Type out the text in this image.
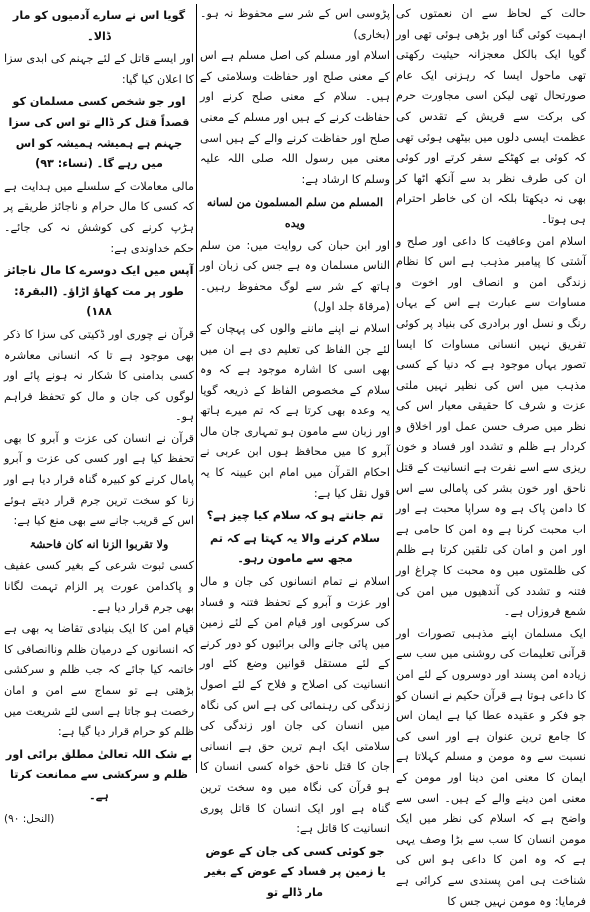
حالت کے لحاظ سے ان نعمتوں کی اہمیت کوئی گنا اور بڑھی ہوئی تھی اور گویا ایک بالکل معجزانہ حیثیت رکھتی تھی ماحول ایسا کہ رہزنی ایک عام صورتحال تھی لیکن اسی مجاورت حرم کی برکت سے قریش کے تقدس کی عظمت ایسی دلوں میں بیٹھی ہوئی تھی کہ کوئی بے کھٹکے سفر کرتے اور کوئی ان کی طرف نظر بد سے آنکھ اٹھا کر بھی نہ دیکھتا بلکہ ان کی خاطر احترام ہی ہوتا۔

اسلام امن وعافیت کا داعی اور صلح و آشتی کا پیامبر مذہب ہے اس کا نظام زندگی امن و انصاف اور اخوت و مساوات سے عبارت ہے اس کے یہاں رنگ و نسل اور برادری کی بنیاد پر کوئی تفریق نہیں انسانی مساوات کا ایسا تصور یہاں موجود ہے کہ دنیا کے کسی مذہب میں اس کی نظیر نہیں ملتی عزت و شرف کا حقیقی معیار اس کی نظر میں صرف حسن عمل اور اخلاق و کردار ہے ظلم و تشدد اور فساد و خون ریزی سے اسے نفرت ہے انسانیت کے قتل ناحق اور خون بشر کی پامالی سے اس کا دامن پاک ہے وہ سراپا محبت ہے اور اب محبت کرنا ہے وہ امن کا حامی ہے اور امن و امان کی تلقین کرتا ہے ظلم کی ظلمتوں میں وہ محبت کا چراغ اور فتنہ و تشدد کی آندھیوں میں امن کی شمع فروزاں ہے۔

ایک مسلمان اپنے مذہبی تصورات اور قرآنی تعلیمات کی روشنی میں سب سے زیادہ امن پسند اور دوسروں کے لئے امن کا داعی ہوتا ہے قرآن حکیم نے انسان کو جو فکر و عقیدہ عطا کیا ہے ایمان اس کا جامع ترین عنوان ہے اور اسی کی نسبت سے وہ مومن و مسلم کہلاتا ہے ایمان کا معنی امن دینا اور مومن کے معنی امن دینے والے کے ہیں۔ اسی سے واضح ہے کہ اسلام کی نظر میں ایک مومن انسان کا سب سے بڑا وصف یہی ہے کہ وہ امن کا داعی ہو اس کی شناخت ہی امن پسندی سے کرائی ہے فرمایا: وہ مومن نہیں جس کا

پڑوسی اس کے شر سے محفوظ نہ ہو۔ (بخاری)

اسلام اور مسلم کی اصل مسلم ہے اس کے معنی صلح اور حفاظت وسلامتی کے ہیں۔ سلام کے معنی صلح کرنے اور حفاظت کرنے کے ہیں اور مسلم کے معنی صلح اور حفاظت کرنے والے کے ہیں اسی معنی میں رسول اللہ صلی اللہ علیہ وسلم کا ارشاد ہے:

المسلم من سلم المسلمون من لسانه ویده

اور ابن حبان کی روایت میں: من سلم الناس مسلمان وہ ہے جس کی زبان اور ہاتھ کے شر سے لوگ محفوظ رہیں۔ (مرقاۃ جلد اول)

اسلام نے اپنے ماننے والوں کی پہچان کے لئے جن الفاظ کی تعلیم دی ہے ان میں بھی اسی کا اشارہ موجود ہے کہ وہ سلام کے مخصوص الفاظ کے ذریعہ گویا یہ وعدہ بھی کرتا ہے کہ تم میرے ہاتھ اور زبان سے مامون ہو تمہاری جان مال آبرو کا میں محافظ ہوں ابن عربی نے احکام القرآن میں امام ابن عیینہ کا یہ قول نقل کیا ہے:

تم جانتے ہو کہ سلام کیا چیز ہے؟

سلام کرنے والا یہ کہتا ہے کہ تم مجھ سے مامون رہو۔

اسلام نے تمام انسانوں کی جان و مال اور عزت و آبرو کے تحفظ فتنہ و فساد کی سرکوبی اور قیام امن کے لئے زمین میں پائی جانے والی برائیوں کو دور کرنے کے لئے مستقل قوانین وضع کئے اور انسانیت کی اصلاح و فلاح کے لئے اصول زندگی کی رہنمائی کی ہے اس کی نگاہ میں انسان کی جان اور زندگی کی سلامتی ایک اہم ترین حق ہے انسانی جان کا قتل ناحق خواہ کسی انسان کا ہو قرآن کی نگاہ میں وہ سخت ترین گناہ ہے اور ایک انسان کا قاتل پوری انسانیت کا قاتل ہے:

جو کوئی کسی کی جان کے عوض یا زمین پر فساد کے عوض کے بغیر مار ڈالے تو

گویا اس نے سارے آدمیوں کو مار ڈالا۔

اور ایسے قاتل کے لئے جہنم کی ابدی سزا کا اعلان کیا گیا:

اور جو شخص کسی مسلمان کو قصداً قتل کر ڈالے تو اس کی سزا جہنم ہے ہمیشہ ہمیشہ کو اس میں رہے گا۔ (نساء: ۹۳)

مالی معاملات کے سلسلے میں ہدایت ہے کہ کسی کا مال حرام و ناجائز طریقے پر ہڑپ کرنے کی کوشش نہ کی جائے۔ حکم خداوندی ہے:

آپس میں ایک دوسرے کا مال ناجائز طور پر مت کھاؤ اڑاؤ۔ (البقرۃ: ۱۸۸)

قرآن نے چوری اور ڈکیتی کی سزا کا ذکر بھی موجود ہے تا کہ انسانی معاشرہ کسی بدامنی کا شکار نہ ہونے پائے اور لوگوں کی جان و مال کو تحفظ فراہم ہو۔

قرآن نے انسان کی عزت و آبرو کا بھی تحفظ کیا ہے اور کسی کی عزت و آبرو پامال کرنے کو کبیرہ گناہ قرار دیا ہے اور زنا کو سخت ترین جرم قرار دیتے ہوئے اس کے قریب جانے سے بھی منع کیا ہے:

ولا تقربوا الزنا انه کان فاحشۃ

کسی ثبوت شرعی کے بغیر کسی عفیف و پاکدامن عورت پر الزام تہمت لگانا بھی جرم قرار دیا ہے۔

قیام امن کا ایک بنیادی تقاضا یہ بھی ہے کہ انسانوں کے درمیان ظلم وناانصافی کا خاتمہ کیا جائے کہ جب ظلم و سرکشی بڑھتی ہے تو سماج سے امن و امان رخصت ہو جاتا ہے اسی لئے شریعت میں ظلم کو حرام قرار دیا گیا ہے:

بے شک اللہ تعالیٰ مطلق برائی اور ظلم و سرکشی سے ممانعت کرتا ہے۔

(النحل: ۹۰)
